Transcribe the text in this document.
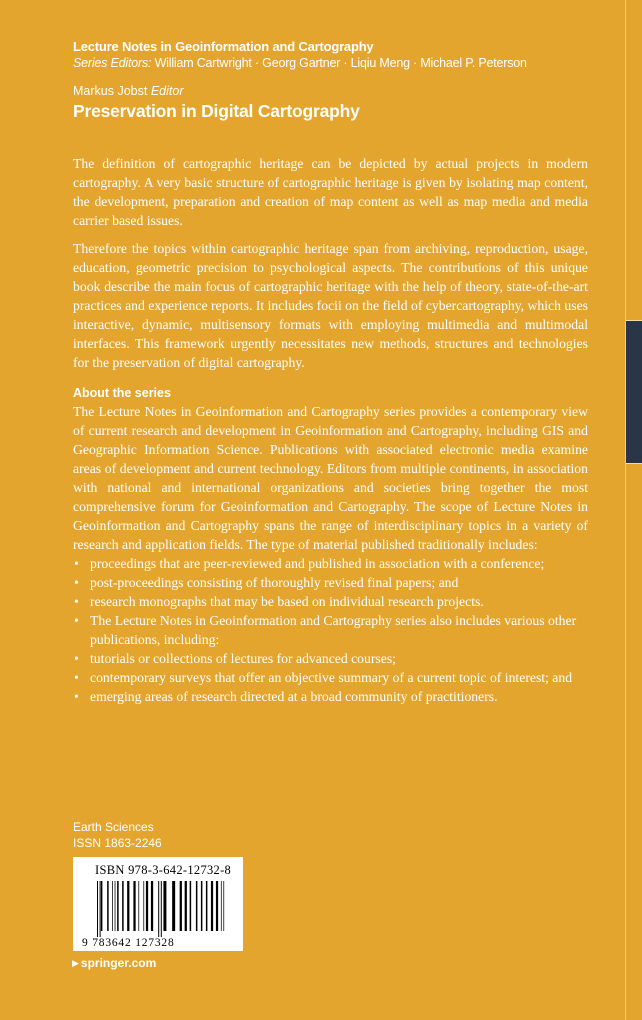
Lecture Notes in Geoinformation and Cartography
Series Editors: William Cartwright · Georg Gartner · Liqiu Meng · Michael P. Peterson
Markus Jobst Editor
Preservation in Digital Cartography
The definition of cartographic heritage can be depicted by actual projects in modern cartography. A very basic structure of cartographic heritage is given by isolating map content, the development, preparation and creation of map content as well as map media and media carrier based issues.
Therefore the topics within cartographic heritage span from archiving, reproduction, usage, education, geometric precision to psychological aspects. The contributions of this unique book describe the main focus of cartographic heritage with the help of theory, state-of-the-art practices and experience reports. It includes focii on the field of cybercartography, which uses interactive, dynamic, multisensory formats with employing multimedia and multimodal interfaces. This framework urgently necessitates new methods, structures and technologies for the preservation of digital cartography.
About the series
The Lecture Notes in Geoinformation and Cartography series provides a contemporary view of current research and development in Geoinformation and Cartography, including GIS and Geographic Information Science. Publications with associated electronic media examine areas of development and current technology. Editors from multiple continents, in association with national and international organizations and societies bring together the most comprehensive forum for Geoinformation and Cartography. The scope of Lecture Notes in Geoinformation and Cartography spans the range of interdisciplinary topics in a variety of research and application fields. The type of material published traditionally includes:
• proceedings that are peer-reviewed and published in association with a conference;
• post-proceedings consisting of thoroughly revised final papers; and
• research monographs that may be based on individual research projects.
• The Lecture Notes in Geoinformation and Cartography series also includes various other publications, including:
• tutorials or collections of lectures for advanced courses;
• contemporary surveys that offer an objective summary of a current topic of interest; and
• emerging areas of research directed at a broad community of practitioners.
Earth Sciences
ISSN 1863-2246
ISBN 978-3-642-12732-8
9 783642 127328
▶ springer.com
